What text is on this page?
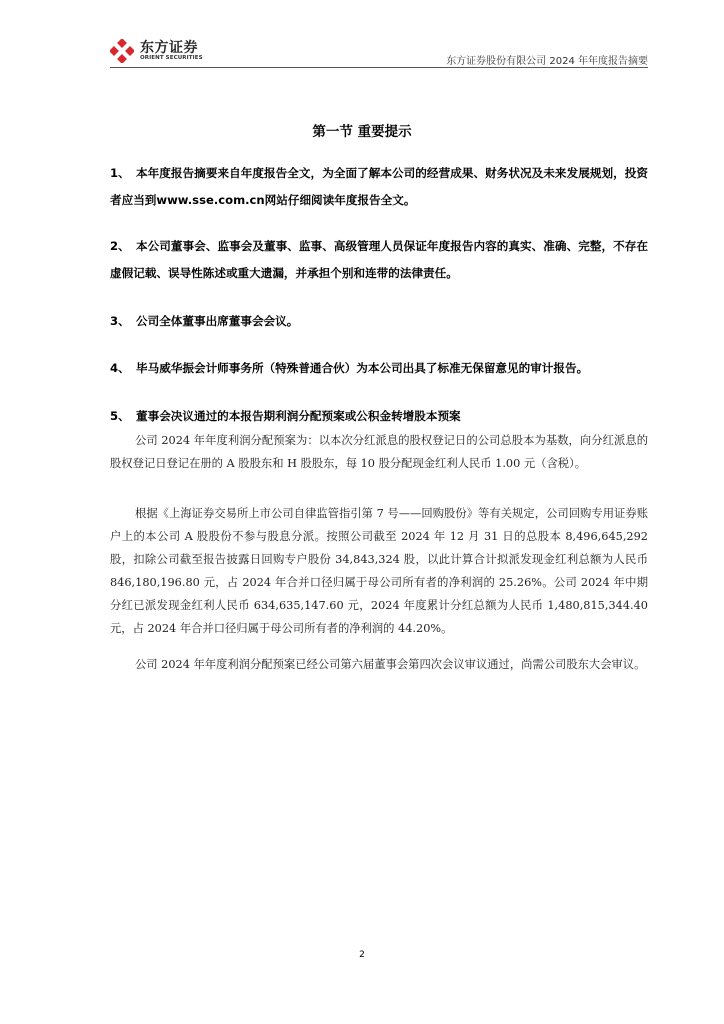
东方证券
ORIENT SECURITIES	东方证券股份有限公司 2024 年年度报告摘要
第一节 重要提示
1、 本年度报告摘要来自年度报告全文，为全面了解本公司的经营成果、财务状况及未来发展规划，投资者应当到www.sse.com.cn网站仔细阅读年度报告全文。
2、 本公司董事会、监事会及董事、监事、高级管理人员保证年度报告内容的真实、准确、完整，不存在虚假记载、误导性陈述或重大遗漏，并承担个别和连带的法律责任。
3、 公司全体董事出席董事会会议。
4、 毕马威华振会计师事务所（特殊普通合伙）为本公司出具了标准无保留意见的审计报告。
5、 董事会决议通过的本报告期利润分配预案或公积金转增股本预案
公司 2024 年年度利润分配预案为：以本次分红派息的股权登记日的公司总股本为基数，向分红派息的股权登记日登记在册的 A 股股东和 H 股股东，每 10 股分配现金红利人民币 1.00 元（含税）。
根据《上海证券交易所上市公司自律监管指引第 7 号——回购股份》等有关规定，公司回购专用证券账户上的本公司 A 股股份不参与股息分派。按照公司截至 2024 年 12 月 31 日的总股本 8,496,645,292 股，扣除公司截至报告披露日回购专户股份 34,843,324 股，以此计算合计拟派发现金红利总额为人民币 846,180,196.80 元，占 2024 年合并口径归属于母公司所有者的净利润的 25.26%。公司 2024 年中期分红已派发现金红利人民币 634,635,147.60 元，2024 年度累计分红总额为人民币 1,480,815,344.40 元，占 2024 年合并口径归属于母公司所有者的净利润的 44.20%。
公司 2024 年年度利润分配预案已经公司第六届董事会第四次会议审议通过，尚需公司股东大会审议。
2
